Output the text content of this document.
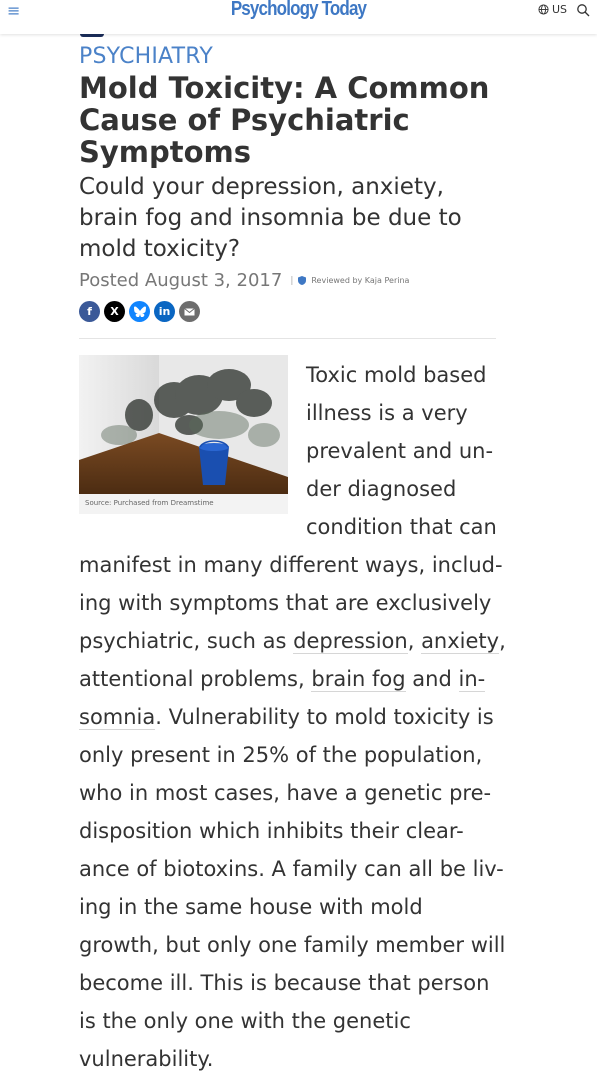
≡	Psychology Today	US
PSYCHIATRY
Mold Toxicity: A Common Cause of Psychiatric Symptoms
Could your depression, anxiety, brain fog and insomnia be due to mold toxicity?
Posted August 3, 2017 | Reviewed by Kaja Perina
f X	in
Source: Purchased from Dreamstime
Toxic mold based
illness is a very
prevalent and un-
der diagnosed
condition that can
manifest in many different ways, includ-
ing with symptoms that are exclusively
psychiatric, such as depression, anxiety,
attentional problems, brain fog and in-
somnia. Vulnerability to mold toxicity is
only present in 25% of the population,
who in most cases, have a genetic pre-
disposition which inhibits their clear-
ance of biotoxins. A family can all be liv-
ing in the same house with mold
growth, but only one family member will
become ill. This is because that person
is the only one with the genetic
vulnerability.
